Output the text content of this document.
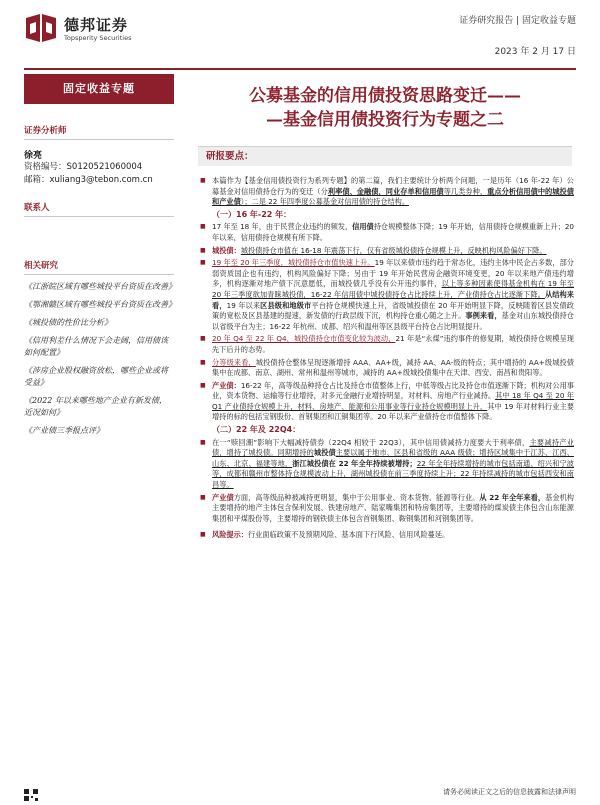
德邦证券
Topsperity Securities
证券研究报告 | 固定收益专题
2023 年 2 月 17 日
固定收益专题
证券分析师
徐亮
资格编号：S0120521060004
邮箱：xuliang3@tebon.com.cn
联系人
相关研究
《江浙皖区域有哪些城投平台资质在改善》
《鄂湘赣区域有哪些城投平台资质在改善》
《城投债的性价比分析》
《信用利差什么情况下会走阔，信用债该如何配置》
《涉房企业股权融资放松，哪些企业或将受益》
《2022 年以来哪些地产企业有新发债，近况如何》
《产业债三季报点评》
公募基金的信用债投资思路变迁——
—基金信用债投资行为专题之二
研报要点：
■ 本篇作为【基金信用债投资行为系列专题】的第二篇，我们主要统计分析两个问题，一是历年（16 年-22 年）公募基金对信用债持仓行为的变迁（分利率债、金融债，同业存单和信用债等几类券种，重点分析信用债中的城投债和产业债）；二是 22 年四季度公募基金对信用债的持仓结构。
（一）16 年-22 年：
■ 17 年至 18 年，由于民营企业违约的频发，信用债持仓规模整体下降；19 年开始，信用债持仓规模重新上升；20 年以来，信用债持仓规模有所下降。
■ 城投债：城投债持仓市值在 16-18 年震荡下行，仅有省级城投债持仓规模上升，反映机构风险偏好下降。
■ 19 年至 20 年三季度，城投债持仓市值快速上升。19 年以来债市违约趋于常态化，违约主体中民企占多数，部分弱资质国企也有违约，机构风险偏好下降；另由于 19 年开始民营房企融资环境变更，20 年以来地产债违约增多，机构逐渐对地产债下沉意愿低，而城投债几乎没有公开违约事件，以上等多种因素使得基金机构在 19 年至 20 年三季度欲加青睐城投债，16-22 年信用债中城投债持仓占比持续上升，产业债持仓占比逐渐下降。从结构来看，19 年以来区县级和地级市平台持仓规模快速上升，省级城投债在 20 年开始明显下降，反映随着区县发债政策的宽松及区县基建的提速，新发债的行政层级下沉，机构持仓重心随之上升。事例来看，基金对山东城投债持仓以省级平台为主；16-22 年杭州、成都、绍兴和温州等区县级平台持仓占比明显提升。
■ 20 年 Q4 至 22 年 Q4，城投债持仓市值变化较为波动，21 年是“永煤”违约事件的修复期，城投债持仓规模呈现先下后升的态势。
■ 分等级来看，城投债持仓整体呈现逐渐增持 AAA、AA+级，减持 AA、AA-级的特点；其中增持的 AA+级城投债集中在成都、南京、湖州、常州和温州等城市，减持的 AA+级城投债集中在天津、西安、南昌和贵阳等。
■ 产业债：16-22 年，高等级品种持仓占比及持仓市值整体上行，中低等级占比及持仓市值逐渐下降；机构对公用事业，资本货物、运输等行业增持，对多元金融行业增持明显，对材料、房地产行业减持。其中 18 年 Q4 至 20 年 Q1 产业债持仓规模上升，材料、房地产、能源和公用事业等行业持仓规模明显上升，其中 19 年对材料行业主要增持的标的包括宝钢股份、首钢集团和江铜集团等。20 年以来产业债持仓市值整体下降。
（二）22 年及 22Q4：
■ 在一“赎回潮”影响下大幅减持债券（22Q4 相较于 22Q3），其中信用债减持力度要大于利率债，主要减持产业债，增持了城投债。同期增持的城投债主要以属于地市、区县和省级的 AAA 级债；增持区域集中于江苏、江西、山东、北京、福建等地，浙江城投债在 22 年全年持续被增持；22 年全年持续增持的城市包括南通、绍兴和宁波等，成都和赣州市整体持仓规模波动上升，湖州城投债在前三季度持续上升；22 年持续减持的城市包括西安和南昌等。
■ 产业债方面，高等级品种被减持更明显，集中于公用事业、资本货物、能源等行业。从 22 年全年来看，基金机构主要增持的地产主体包含保利发展、铁建房地产、陆家嘴集团和特房集团等，主要增持的煤炭债主体包含山东能源集团和平煤股份等，主要增持的钢铁债主体包含首钢集团、鞍钢集团和河钢集团等。
■ 风险提示：行业面临政策不及预期风险、基本面下行风险、信用风险蔓延。
请务必阅读正文之后的信息披露和法律声明
